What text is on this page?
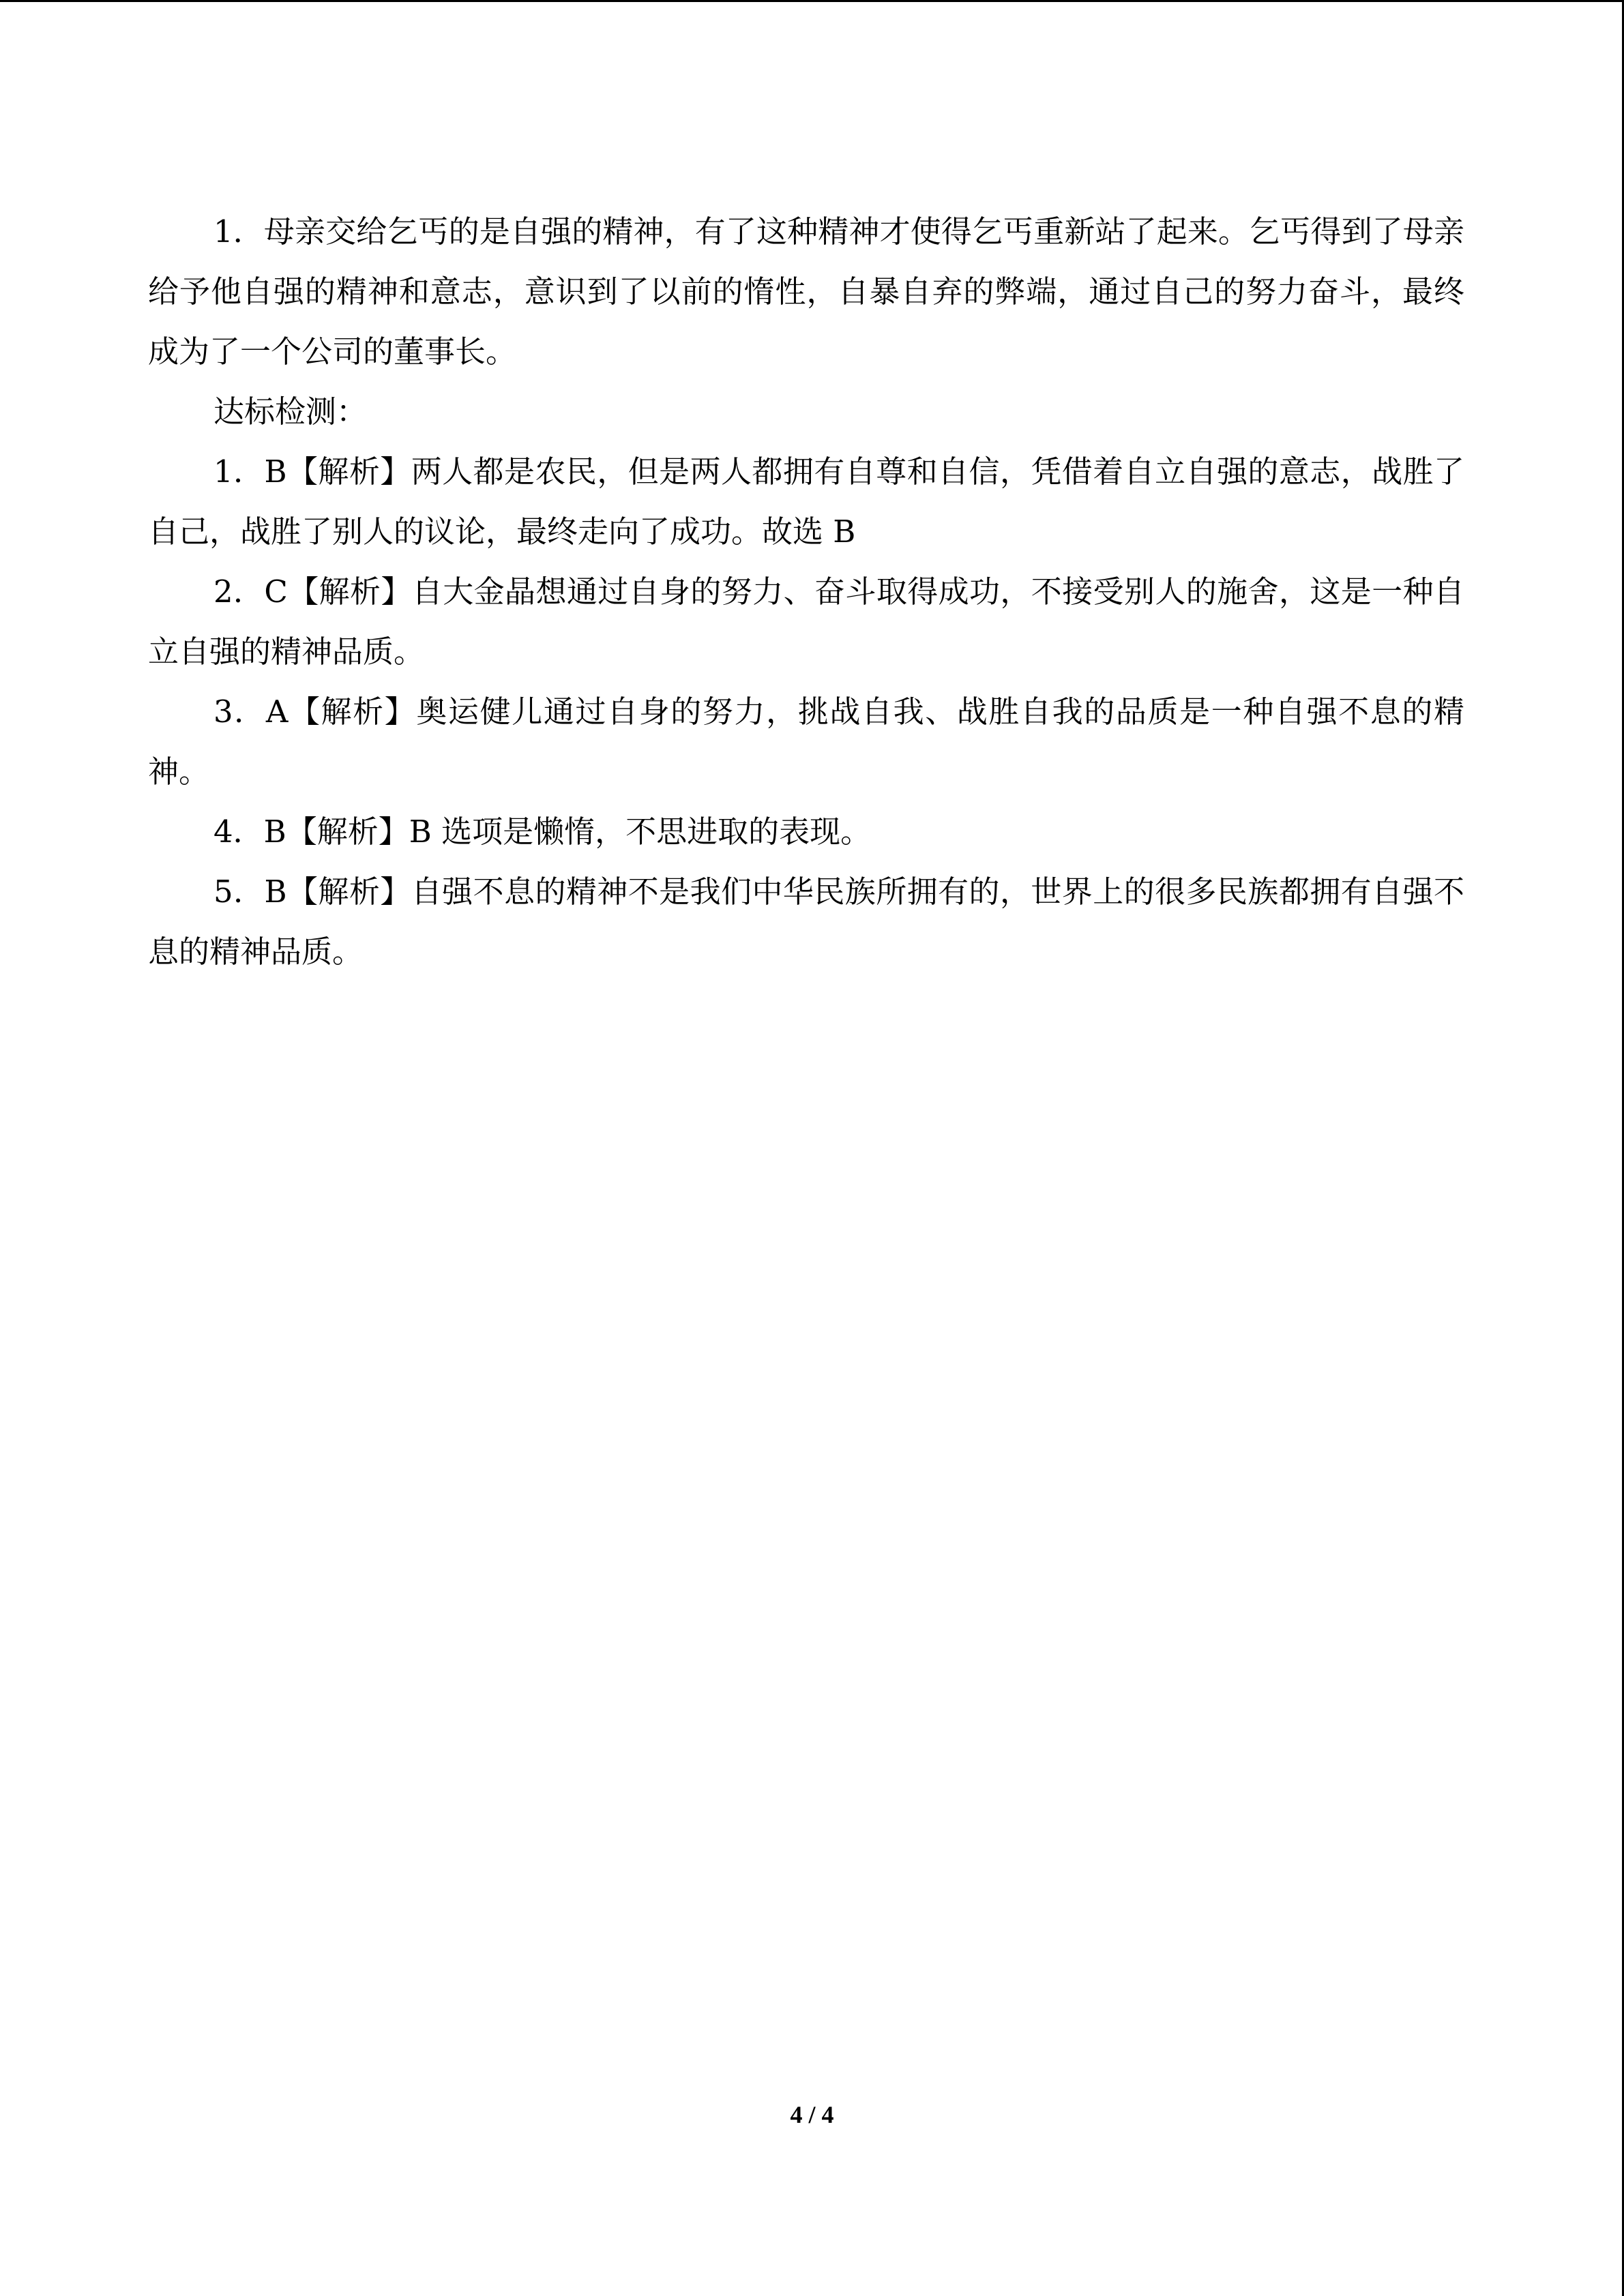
1．母亲交给乞丐的是自强的精神，有了这种精神才使得乞丐重新站了起来。乞丐得到了母亲给予他自强的精神和意志，意识到了以前的惰性，自暴自弃的弊端，通过自己的努力奋斗，最终成为了一个公司的董事长。

达标检测：

1．B【解析】两人都是农民，但是两人都拥有自尊和自信，凭借着自立自强的意志，战胜了自己，战胜了别人的议论，最终走向了成功。故选 B

2．C【解析】自大金晶想通过自身的努力、奋斗取得成功，不接受别人的施舍，这是一种自立自强的精神品质。

3．A【解析】奥运健儿通过自身的努力，挑战自我、战胜自我的品质是一种自强不息的精神。

4．B【解析】B 选项是懒惰，不思进取的表现。

5．B【解析】自强不息的精神不是我们中华民族所拥有的，世界上的很多民族都拥有自强不息的精神品质。

4 / 4
